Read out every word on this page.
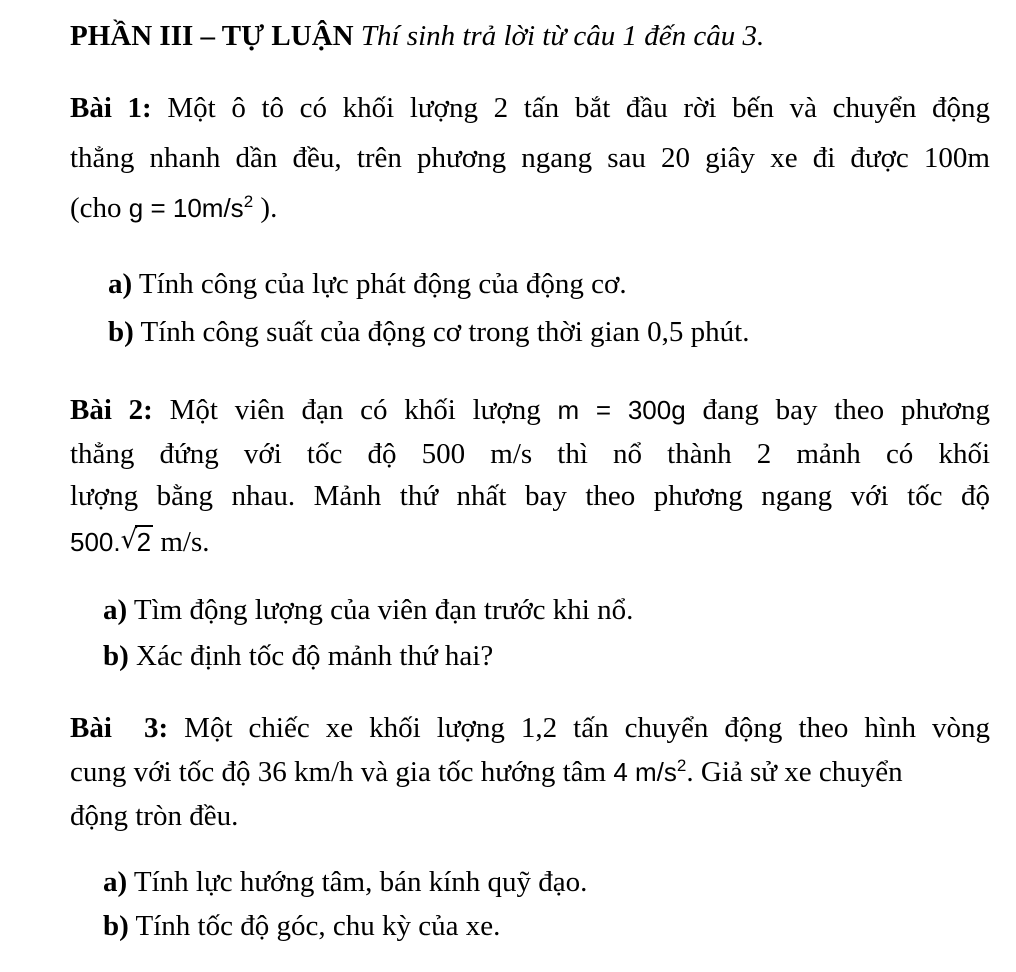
PHẦN III – TỰ LUẬN Thí sinh trả lời từ câu 1 đến câu 3.
Bài 1: Một ô tô có khối lượng 2 tấn bắt đầu rời bến và chuyển động
thẳng nhanh dần đều, trên phương ngang sau 20 giây xe đi được 100m
(cho $g = 10m/s^2$ ).
a) Tính công của lực phát động của động cơ.
b) Tính công suất của động cơ trong thời gian 0,5 phút.
Bài 2: Một viên đạn có khối lượng m = 300g đang bay theo phương
thẳng đứng với tốc độ 500 m/s thì nổ thành 2 mảnh có khối
lượng bằng nhau. Mảnh thứ nhất bay theo phương ngang với tốc độ
500. √ 2 m/s.
a) Tìm động lượng của viên đạn trước khi nổ.
b) Xác định tốc độ mảnh thứ hai?
Bài  3: Một chiếc xe khối lượng 1,2 tấn chuyển động theo hình vòng
cung với tốc độ 36 km/h và gia tốc hướng tâm 4 $m/s^2$. Giả sử xe chuyển
động tròn đều.
a) Tính lực hướng tâm, bán kính quỹ đạo.
b) Tính tốc độ góc, chu kỳ của xe.
